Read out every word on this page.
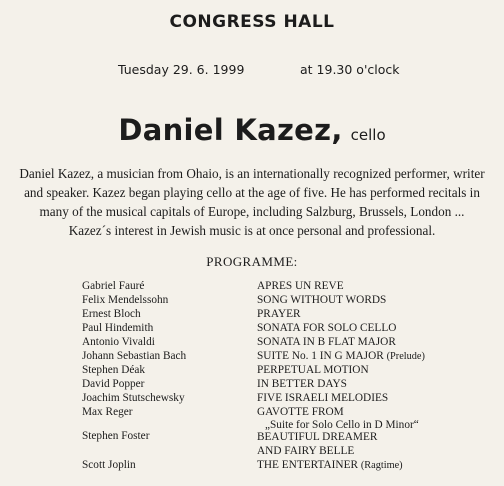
CONGRESS HALL
Tuesday 29. 6. 1999	at 19.30 o'clock
Daniel Kazez, cello
Daniel Kazez, a musician from Ohaio, is an internationally recognized performer, writer
and speaker. Kazez began playing cello at the age of five. He has performed recitals in
many of the musical capitals of Europe, including Salzburg, Brussels, London ...
Kazez´s interest in Jewish music is at once personal and professional.
PROGRAMME:
Gabriel Fauré
Felix Mendelssohn
Ernest Bloch
Paul Hindemith
Antonio Vivaldi
Johann Sebastian Bach
Stephen Déak
David Popper
Joachim Stutschewsky
Max Reger
Stephen Foster
Scott Joplin
APRES UN REVE
SONG WITHOUT WORDS
PRAYER
SONATA FOR SOLO CELLO
SONATA IN B FLAT MAJOR
SUITE No. 1 IN G MAJOR (Prelude)
PERPETUAL MOTION
IN BETTER DAYS
FIVE ISRAELI MELODIES
GAVOTTE FROM
„Suite for Solo Cello in D Minor“
BEAUTIFUL DREAMER
AND FAIRY BELLE
THE ENTERTAINER (Ragtime)
